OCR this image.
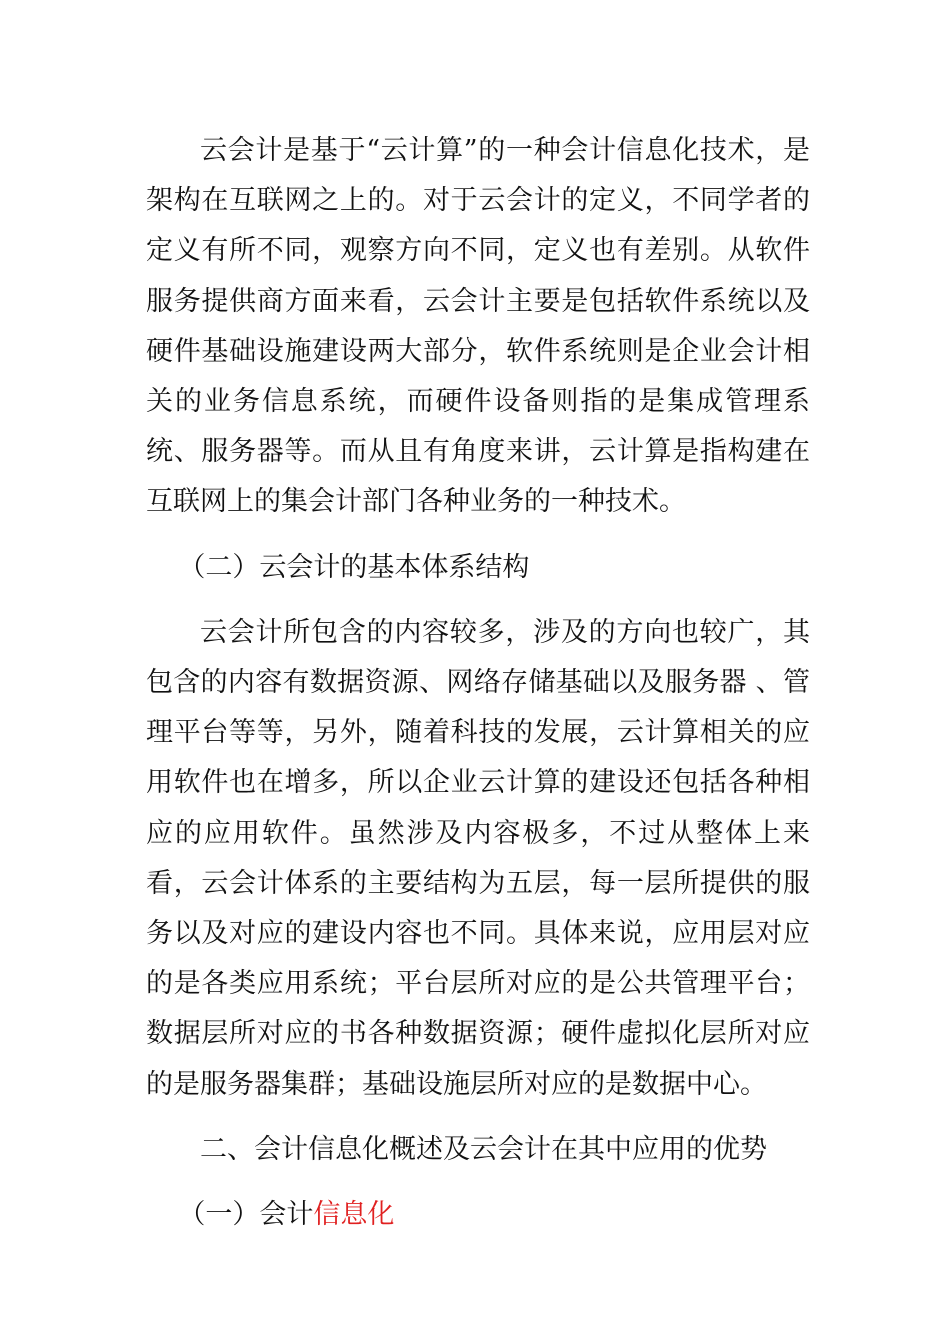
云会计是基于“云计算”的一种会计信息化技术，是架构在互联网之上的。对于云会计的定义，不同学者的定义有所不同，观察方向不同，定义也有差别。从软件服务提供商方面来看，云会计主要是包括软件系统以及硬件基础设施建设两大部分，软件系统则是企业会计相关的业务信息系统，而硬件设备则指的是集成管理系统、服务器等。而从且有角度来讲，云计算是指构建在互联网上的集会计部门各种业务的一种技术。

（二）云会计的基本体系结构

云会计所包含的内容较多，涉及的方向也较广，其包含的内容有数据资源、网络存储基础以及服务器 、管理平台等等，另外，随着科技的发展，云计算相关的应用软件也在增多，所以企业云计算的建设还包括各种相应的应用软件。虽然涉及内容极多，不过从整体上来看，云会计体系的主要结构为五层，每一层所提供的服务以及对应的建设内容也不同。具体来说，应用层对应的是各类应用系统；平台层所对应的是公共管理平台；数据层所对应的书各种数据资源；硬件虚拟化层所对应的是服务器集群；基础设施层所对应的是数据中心。

二、会计信息化概述及云会计在其中应用的优势

（一）会计信息化
